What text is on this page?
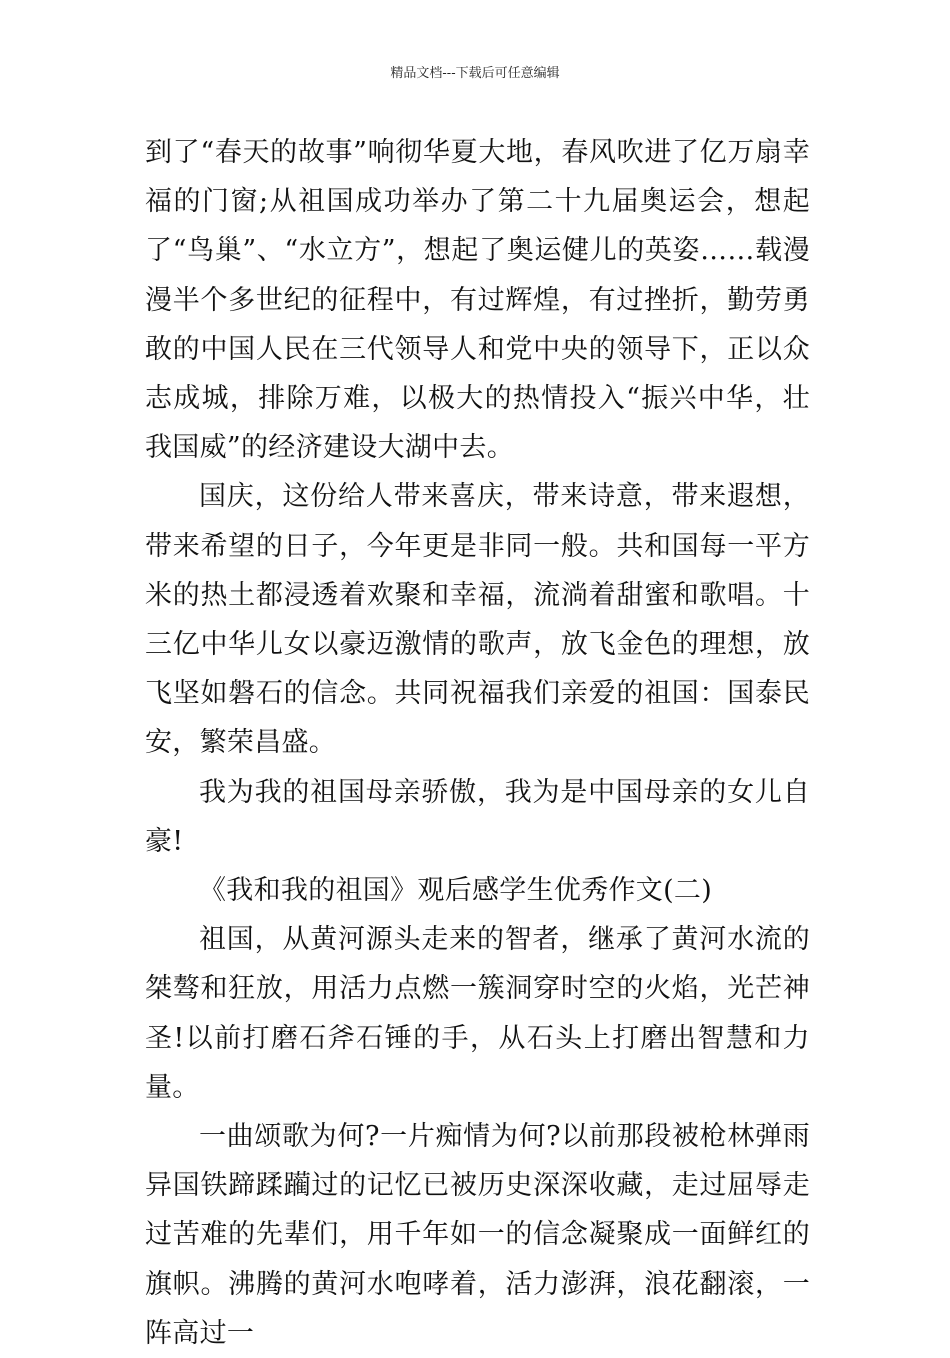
精品文档---下载后可任意编辑

到了“春天的故事”响彻华夏大地，春风吹进了亿万扇幸福的门窗;从祖国成功举办了第二十九届奥运会，想起了“鸟巢”、“水立方”，想起了奥运健儿的英姿……载漫漫半个多世纪的征程中，有过辉煌，有过挫折，勤劳勇敢的中国人民在三代领导人和党中央的领导下，正以众志成城，排除万难，以极大的热情投入“振兴中华，壮我国威”的经济建设大湖中去。

国庆，这份给人带来喜庆，带来诗意，带来遐想，带来希望的日子，今年更是非同一般。共和国每一平方米的热土都浸透着欢聚和幸福，流淌着甜蜜和歌唱。十三亿中华儿女以豪迈激情的歌声，放飞金色的理想，放飞坚如磐石的信念。共同祝福我们亲爱的祖国：国泰民安，繁荣昌盛。

我为我的祖国母亲骄傲，我为是中国母亲的女儿自豪!

《我和我的祖国》观后感学生优秀作文(二)

祖国，从黄河源头走来的智者，继承了黄河水流的桀骜和狂放，用活力点燃一簇洞穿时空的火焰，光芒神圣!以前打磨石斧石锤的手，从石头上打磨出智慧和力量。

一曲颂歌为何?一片痴情为何?以前那段被枪林弹雨异国铁蹄蹂躏过的记忆已被历史深深收藏，走过屈辱走过苦难的先辈们，用千年如一的信念凝聚成一面鲜红的旗帜。沸腾的黄河水咆哮着，活力澎湃，浪花翻滚，一阵高过一
